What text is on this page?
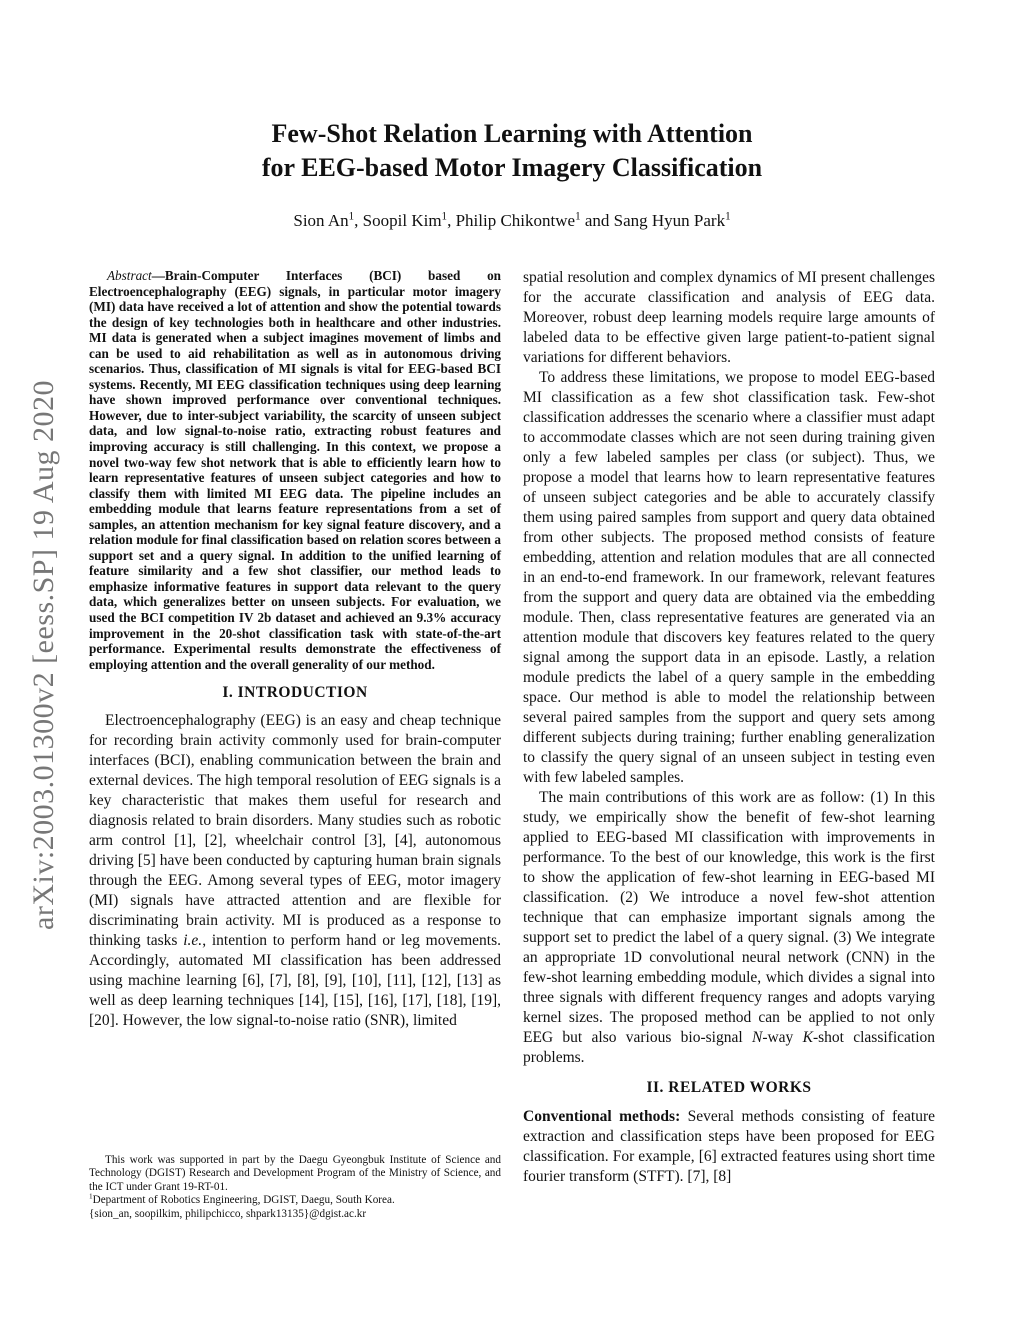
arXiv:2003.01300v2 [eess.SP] 19 Aug 2020
Few-Shot Relation Learning with Attention
for EEG-based Motor Imagery Classification
Sion An$^1$, Soopil Kim$^1$, Philip Chikontwe$^1$ and Sang Hyun Park$^1$

Abstract—Brain-Computer Interfaces (BCI) based on Electroencephalography (EEG) signals, in particular motor imagery (MI) data have received a lot of attention and show the potential towards the design of key technologies both in healthcare and other industries. MI data is generated when a subject imagines movement of limbs and can be used to aid rehabilitation as well as in autonomous driving scenarios. Thus, classification of MI signals is vital for EEG-based BCI systems. Recently, MI EEG classification techniques using deep learning have shown improved performance over conventional techniques. However, due to inter-subject variability, the scarcity of unseen subject data, and low signal-to-noise ratio, extracting robust features and improving accuracy is still challenging. In this context, we propose a novel two-way few shot network that is able to efficiently learn how to learn representative features of unseen subject categories and how to classify them with limited MI EEG data. The pipeline includes an embedding module that learns feature representations from a set of samples, an attention mechanism for key signal feature discovery, and a relation module for final classification based on relation scores between a support set and a query signal. In addition to the unified learning of feature similarity and a few shot classifier, our method leads to emphasize informative features in support data relevant to the query data, which generalizes better on unseen subjects. For evaluation, we used the BCI competition IV 2b dataset and achieved an 9.3% accuracy improvement in the 20-shot classification task with state-of-the-art performance. Experimental results demonstrate the effectiveness of employing attention and the overall generality of our method.

I. INTRODUCTION

Electroencephalography (EEG) is an easy and cheap technique for recording brain activity commonly used for brain-computer interfaces (BCI), enabling communication between the brain and external devices. The high temporal resolution of EEG signals is a key characteristic that makes them useful for research and diagnosis related to brain disorders. Many studies such as robotic arm control [1], [2], wheelchair control [3], [4], autonomous driving [5] have been conducted by capturing human brain signals through the EEG. Among several types of EEG, motor imagery (MI) signals have attracted attention and are flexible for discriminating brain activity. MI is produced as a response to thinking tasks i.e., intention to perform hand or leg movements. Accordingly, automated MI classification has been addressed using machine learning [6], [7], [8], [9], [10], [11], [12], [13] as well as deep learning techniques [14], [15], [16], [17], [18], [19], [20]. However, the low signal-to-noise ratio (SNR), limited

spatial resolution and complex dynamics of MI present challenges for the accurate classification and analysis of EEG data. Moreover, robust deep learning models require large amounts of labeled data to be effective given large patient-to-patient signal variations for different behaviors.

To address these limitations, we propose to model EEG-based MI classification as a few shot classification task. Few-shot classification addresses the scenario where a classifier must adapt to accommodate classes which are not seen during training given only a few labeled samples per class (or subject). Thus, we propose a model that learns how to learn representative features of unseen subject categories and be able to accurately classify them using paired samples from support and query data obtained from other subjects. The proposed method consists of feature embedding, attention and relation modules that are all connected in an end-to-end framework. In our framework, relevant features from the support and query data are obtained via the embedding module. Then, class representative features are generated via an attention module that discovers key features related to the query signal among the support data in an episode. Lastly, a relation module predicts the label of a query sample in the embedding space. Our method is able to model the relationship between several paired samples from the support and query sets among different subjects during training; further enabling generalization to classify the query signal of an unseen subject in testing even with few labeled samples.

The main contributions of this work are as follow: (1) In this study, we empirically show the benefit of few-shot learning applied to EEG-based MI classification with improvements in performance. To the best of our knowledge, this work is the first to show the application of few-shot learning in EEG-based MI classification. (2) We introduce a novel few-shot attention technique that can emphasize important signals among the support set to predict the label of a query signal. (3) We integrate an appropriate 1D convolutional neural network (CNN) in the few-shot learning embedding module, which divides a signal into three signals with different frequency ranges and adopts varying kernel sizes. The proposed method can be applied to not only EEG but also various bio-signal N-way K-shot classification problems.

II. RELATED WORKS

Conventional methods: Several methods consisting of feature extraction and classification steps have been proposed for EEG classification. For example, [6] extracted features using short time fourier transform (STFT). [7], [8]

This work was supported in part by the Daegu Gyeongbuk Institute of Science and Technology (DGIST) Research and Development Program of the Ministry of Science, and the ICT under Grant 19-RT-01.

$^1$Department of Robotics Engineering, DGIST, Daegu, South Korea.

{sion_an, soopilkim, philipchicco, shpark13135}@dgist.ac.kr
